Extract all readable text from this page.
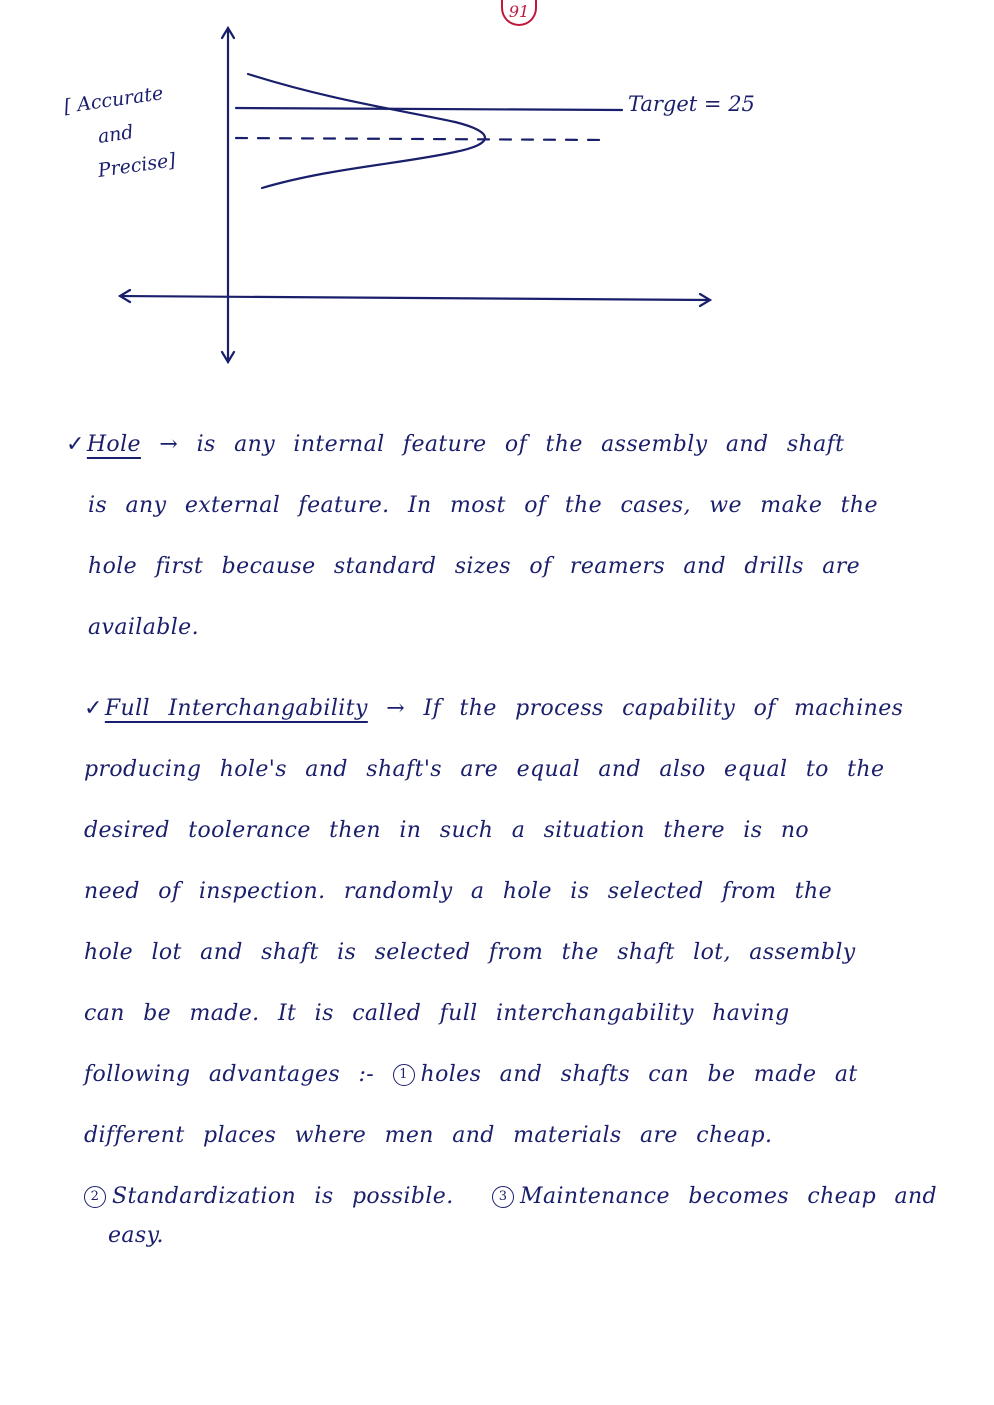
91
[ Accurate
and
Precise]
Target = 25
✓Hole → is any internal feature of the assembly and shaft
is any external feature. In most of the cases, we make the
hole first because standard sizes of reamers and drills are
available.
✓Full Interchangability → If the process capability of machines
producing hole's and shaft's are equal and also equal to the
desired toolerance then in such a situation there is no
need of inspection. randomly a hole is selected from the
hole lot and shaft is selected from the shaft lot, assembly
can be made. It is called full interchangability having
following advantages :- 1 holes and shafts can be made at
different places where men and materials are cheap.
2 Standardization is possible.	3 Maintenance becomes cheap and
easy.
